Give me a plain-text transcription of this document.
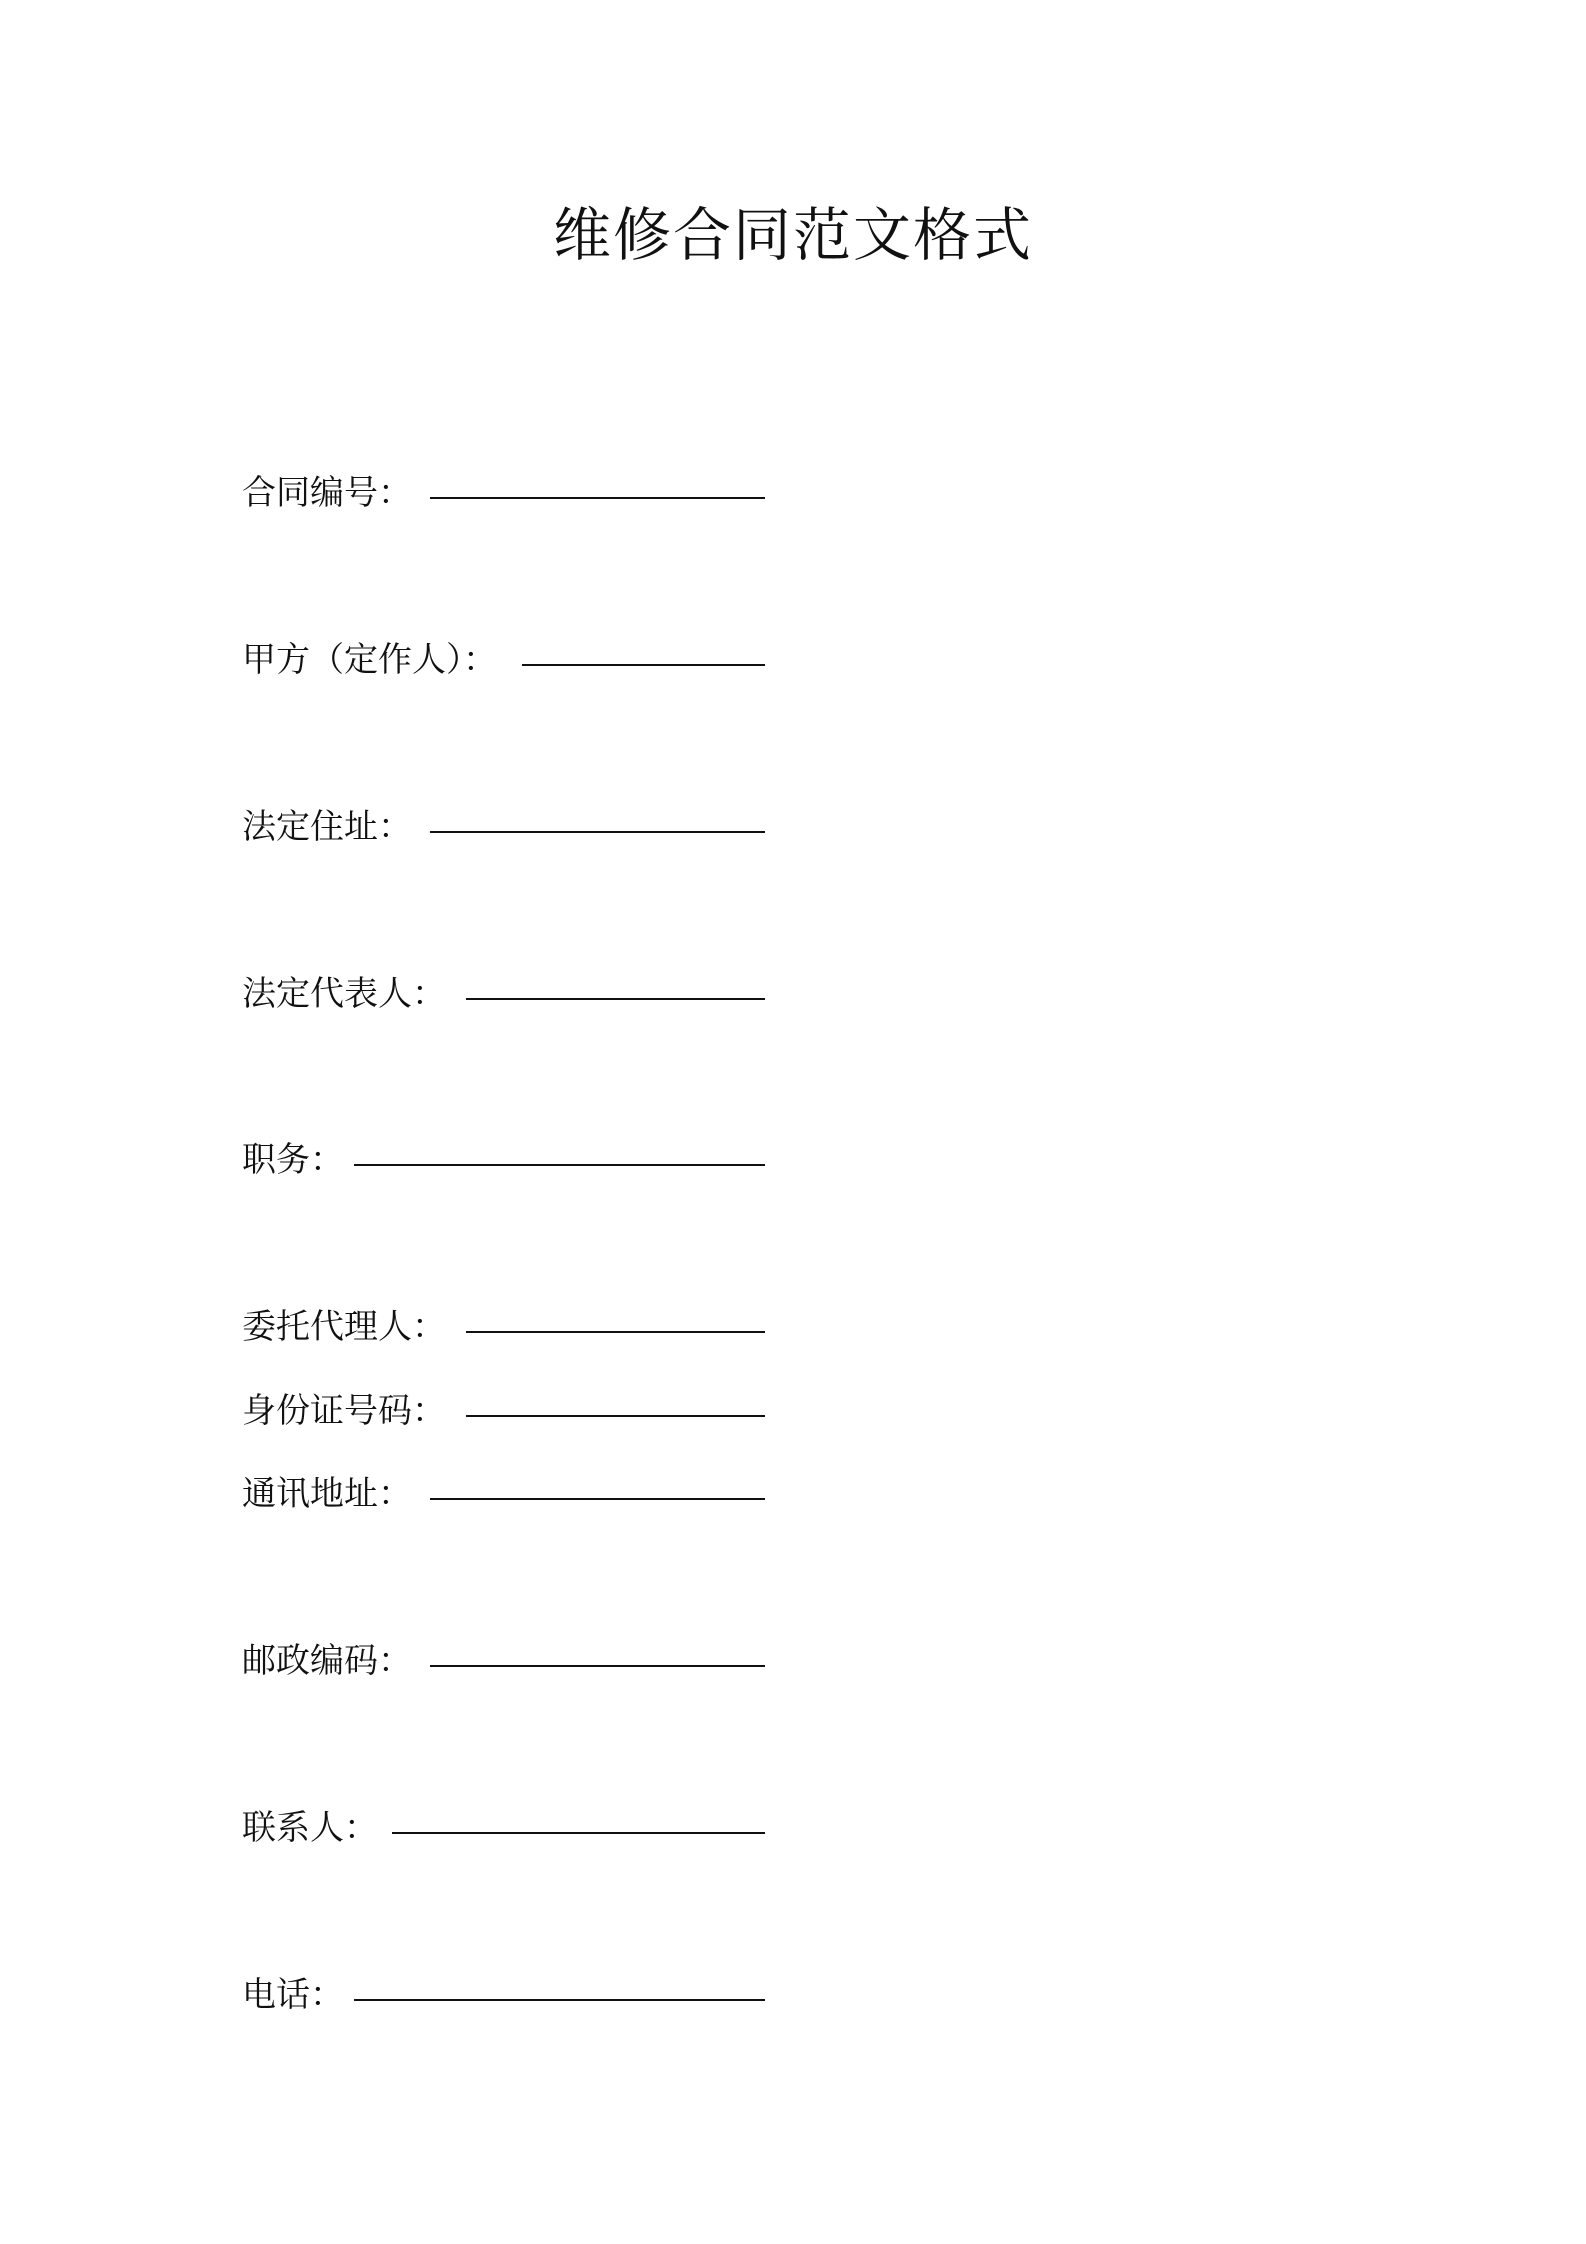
维修合同范文格式
合同编号：
甲方（定作人）：
法定住址：
法定代表人：
职务：
委托代理人：
身份证号码：
通讯地址：
邮政编码：
联系人：
电话：
